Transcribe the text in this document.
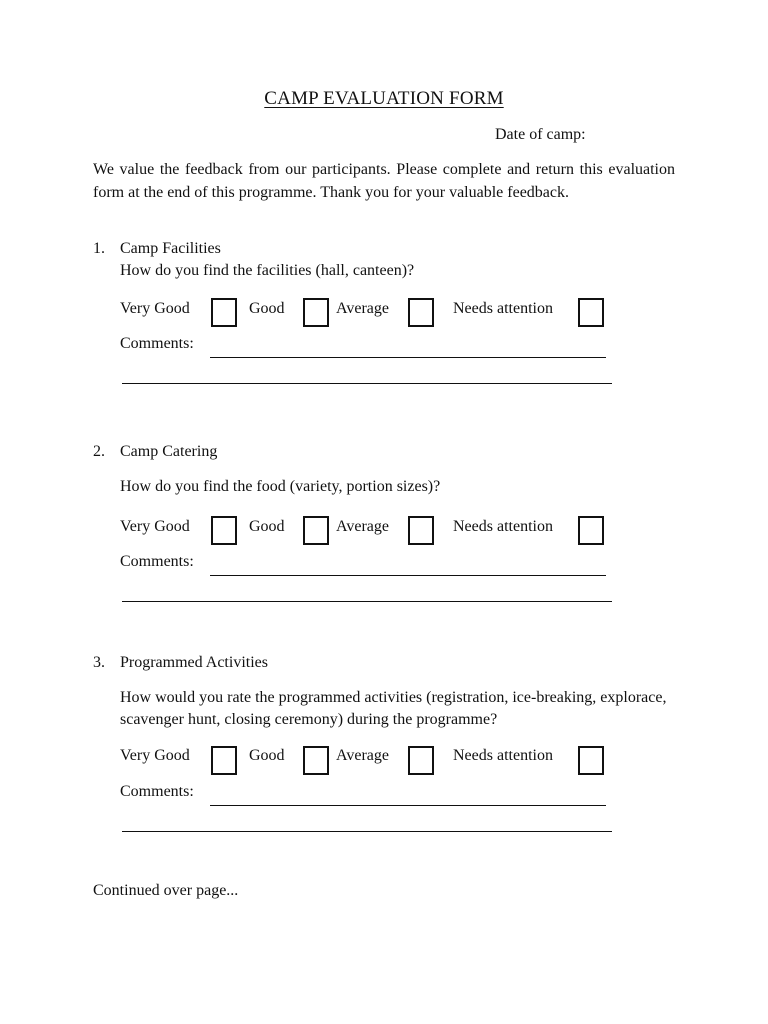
CAMP EVALUATION FORM
Date of camp:
We value the feedback from our participants. Please complete and return this evaluation form at the end of this programme. Thank you for your valuable feedback.
1. Camp Facilities
How do you find the facilities (hall, canteen)?
Very Good	Good	Average	Needs attention
Comments:
2. Camp Catering
How do you find the food (variety, portion sizes)?
Very Good	Good	Average	Needs attention
Comments:
3. Programmed Activities
How would you rate the programmed activities (registration, ice-breaking, explorace, scavenger hunt, closing ceremony) during the programme?
Very Good	Good	Average	Needs attention
Comments:
Continued over page...
